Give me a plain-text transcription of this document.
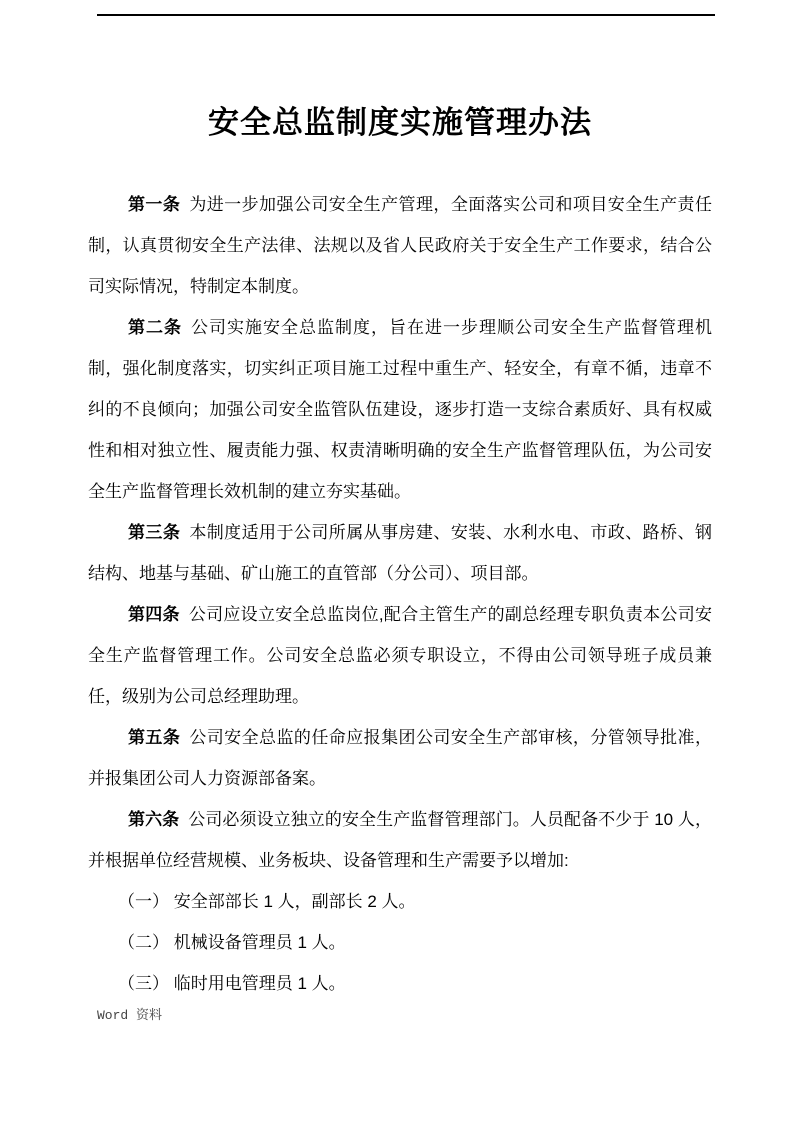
安全总监制度实施管理办法

第一条 为进一步加强公司安全生产管理，全面落实公司和项目安全生产责任制，认真贯彻安全生产法律、法规以及省人民政府关于安全生产工作要求，结合公司实际情况，特制定本制度。

第二条 公司实施安全总监制度，旨在进一步理顺公司安全生产监督管理机制，强化制度落实，切实纠正项目施工过程中重生产、轻安全，有章不循，违章不纠的不良倾向；加强公司安全监管队伍建设，逐步打造一支综合素质好、具有权威性和相对独立性、履责能力强、权责清晰明确的安全生产监督管理队伍，为公司安全生产监督管理长效机制的建立夯实基础。

第三条 本制度适用于公司所属从事房建、安装、水利水电、市政、路桥、钢结构、地基与基础、矿山施工的直管部（分公司）、项目部。

第四条 公司应设立安全总监岗位,配合主管生产的副总经理专职负责本公司安全生产监督管理工作。公司安全总监必须专职设立，不得由公司领导班子成员兼任，级别为公司总经理助理。

第五条 公司安全总监的任命应报集团公司安全生产部审核，分管领导批准，并报集团公司人力资源部备案。

第六条 公司必须设立独立的安全生产监督管理部门。人员配备不少于 10 人，并根据单位经营规模、业务板块、设备管理和生产需要予以增加:

（一） 安全部部长 1 人，副部长 2 人。

（二） 机械设备管理员 1 人。

（三） 临时用电管理员 1 人。

Word 资料
